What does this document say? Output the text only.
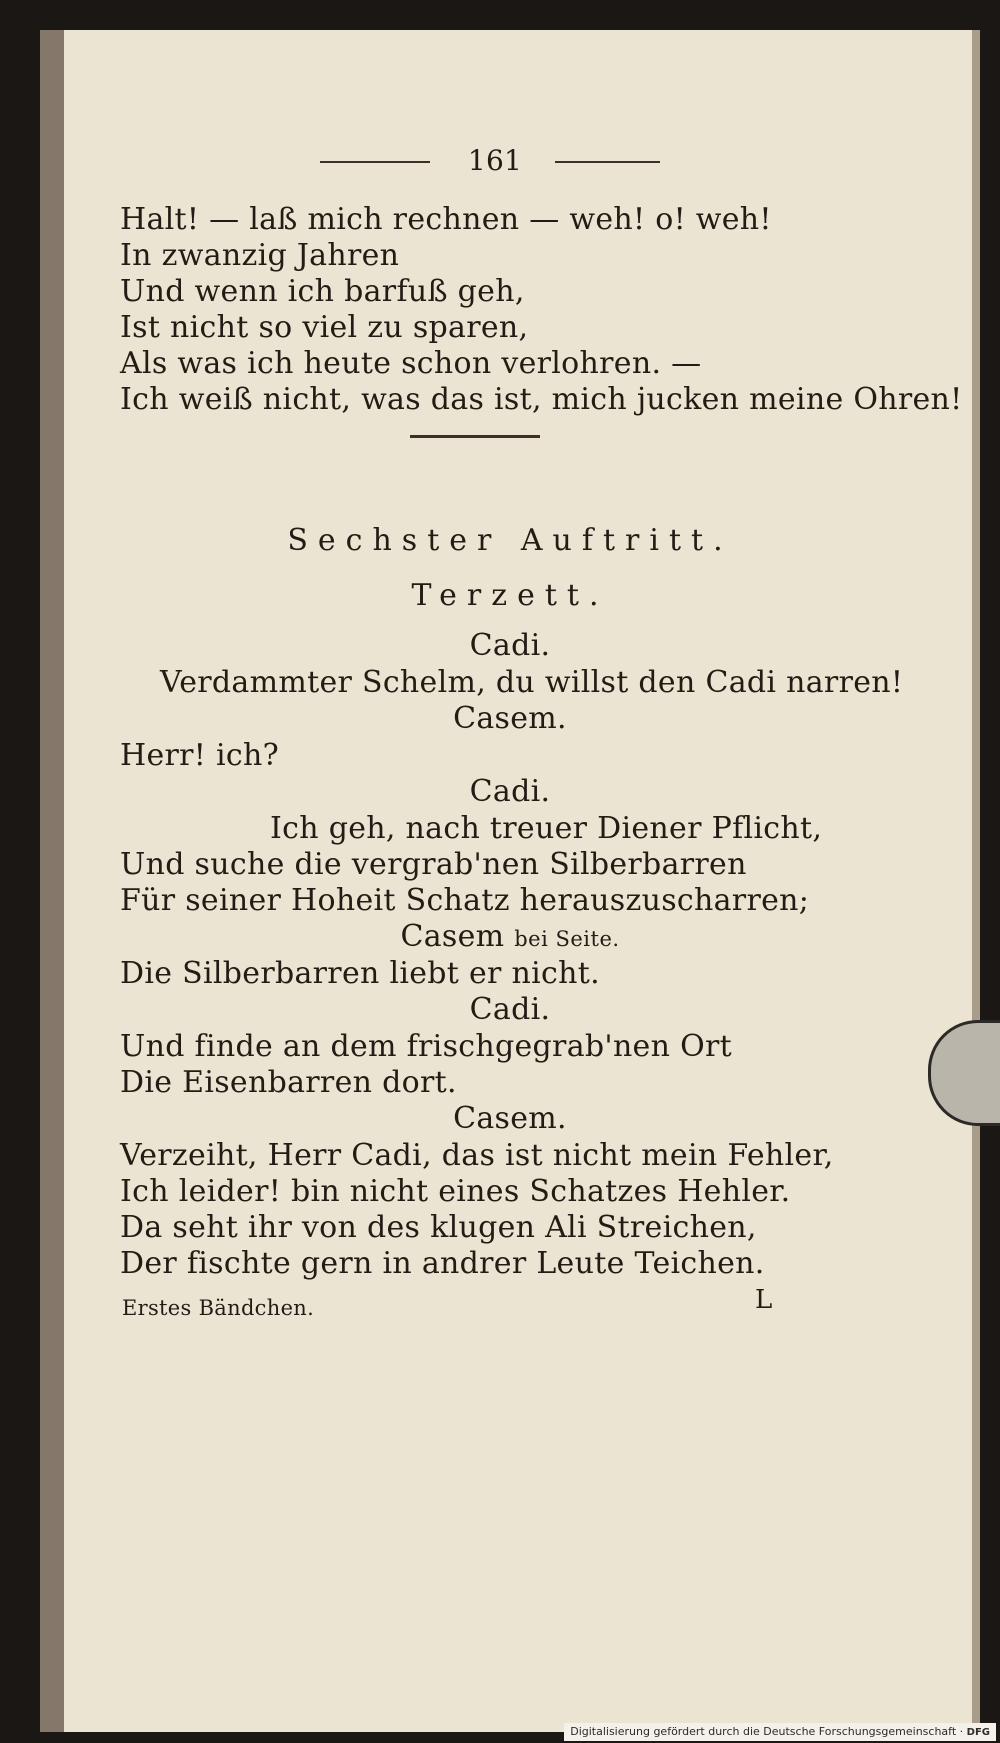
161

Halt! — laß mich rechnen — weh! o! weh!

In zwanzig Jahren

Und wenn ich barfuß geh,

Ist nicht so viel zu sparen,

Als was ich heute schon verlohren. —

Ich weiß nicht, was das ist, mich jucken meine Ohren!

Sechster Auftritt.

Terzett.

Cadi.

Verdammter Schelm, du willst den Cadi narren!

Casem.

Herr! ich?

Cadi.

Ich geh, nach treuer Diener Pflicht,

Und suche die vergrab'nen Silberbarren

Für seiner Hoheit Schatz herauszuscharren;

Casem bei Seite.

Die Silberbarren liebt er nicht.

Cadi.

Und finde an dem frischgegrab'nen Ort

Die Eisenbarren dort.

Casem.

Verzeiht, Herr Cadi, das ist nicht mein Fehler,

Ich leider! bin nicht eines Schatzes Hehler.

Da seht ihr von des klugen Ali Streichen,

Der fischte gern in andrer Leute Teichen.

Erstes Bändchen.	L

Digitalisierung gefördert durch die Deutsche Forschungsgemeinschaft · DFG
